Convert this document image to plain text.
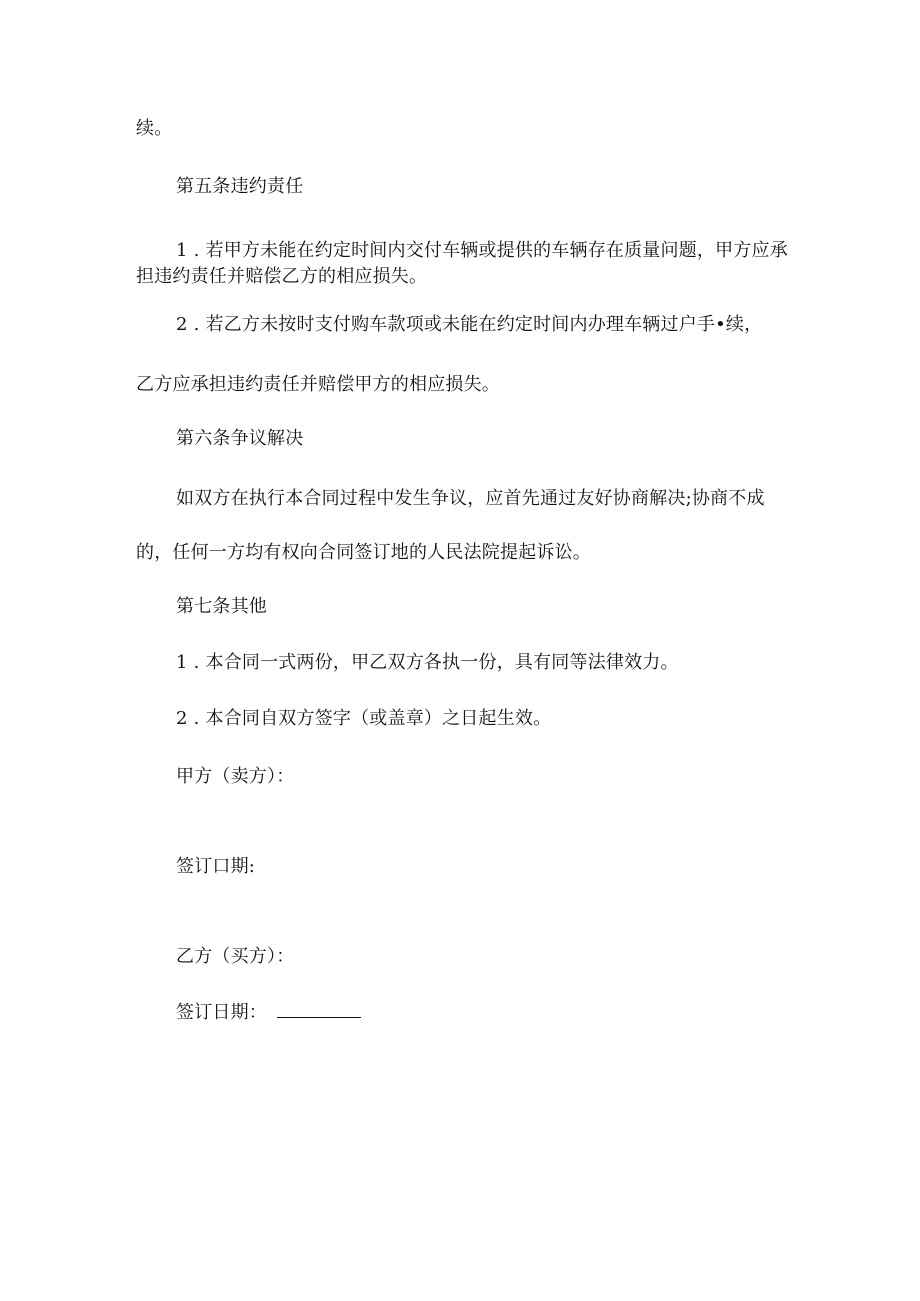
续。
第五条违约责任
1 . 若甲方未能在约定时间内交付车辆或提供的车辆存在质量问题，甲方应承
担违约责任并赔偿乙方的相应损失。
2 . 若乙方未按时支付购车款项或未能在约定时间内办理车辆过户手•续，
乙方应承担违约责任并赔偿甲方的相应损失。
第六条争议解决
如双方在执行本合同过程中发生争议，应首先通过友好协商解决;协商不成
的，任何一方均有权向合同签订地的人民法院提起诉讼。
第七条其他
1 . 本合同一式两份，甲乙双方各执一份，具有同等法律效力。
2 . 本合同自双方签字（或盖章）之日起生效。
甲方（卖方）：
签订口期:
乙方（买方）：
签订日期：
